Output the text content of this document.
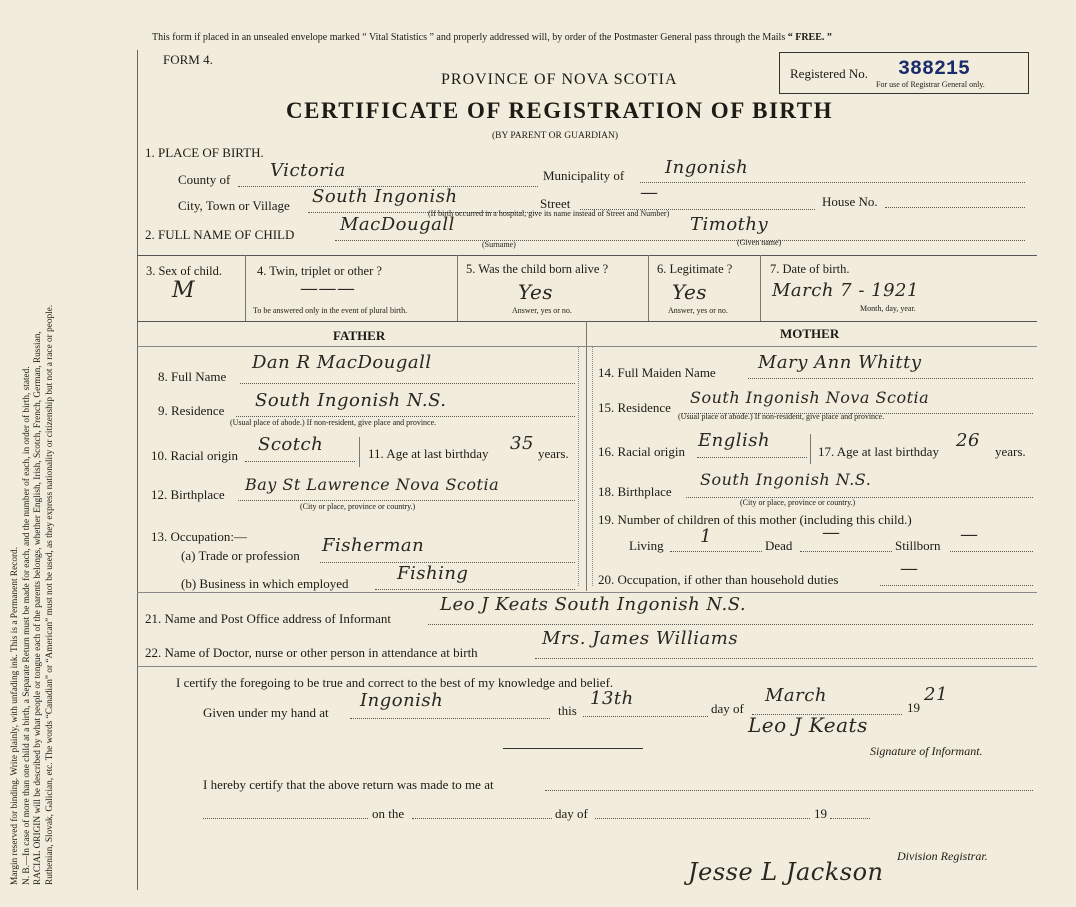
Margin reserved for binding. Write plainly, with unfading ink. This is a Permanent Record. N. B.—In case of more than one child at a birth, a Separate Return must be made for each, and the number of each, in order of birth, stated. RACIAL ORIGIN will be described by what people or tongue each of the parents belongs, whether English, Irish, Scotch, French, German, Russian, Ruthenian, Slovak, Galician, etc. The words “Canadian” or “American” must not be used, as they express nationality or citizenship but not a race or people.
This form if placed in an unsealed envelope marked “ Vital Statistics ” and properly addressed will, by order of the Postmaster General pass through the Mails “ FREE. ”
FORM 4.
Registered No. 388215
For use of Registrar General only.
PROVINCE OF NOVA SCOTIA
CERTIFICATE OF REGISTRATION OF BIRTH
(BY PARENT OR GUARDIAN)
1. PLACE OF BIRTH.
County of Victoria	Municipality of Ingonish
City, Town or Village South Ingonish	Street
—	House No.
(If birth occurred in a hospital, give its name instead of Street and Number)
2. FULL NAME OF CHILD	MacDougall	Timothy
(Surname)	(Given name)
3. Sex of child.
M
4. Twin, triplet or other ?
———
To be answered only in the event of plural birth.
5. Was the child born alive ?
Yes
Answer, yes or no.
6. Legitimate ?
Yes
Answer, yes or no.
7. Date of birth.
March 7 - 1921
Month, day, year.
FATHER	MOTHER
8. Full Name
Dan R MacDougall
9. Residence South Ingonish N.S.
(Usual place of abode.) If non-resident, give place and province.
10. Racial origin
Scotch	11. Age at last birthday 35 years.
12. Birthplace
Bay St Lawrence Nova Scotia
(City or place, province or country.)
13. Occupation:—
(a) Trade or profession Fisherman
(b) Business in which employed	Fishing
14. Full Maiden Name Mary Ann Whitty
15. Residence
South Ingonish Nova Scotia
(Usual place of abode.) If non-resident, give place and province.
16. Racial origin
English
17. Age at last birthday
26
years.
18. Birthplace
South Ingonish N.S.
(City or place, province or country.)
19. Number of children of this mother (including this child.)
Living 1	Dead
—
Stillborn
—
20. Occupation, if other than household duties
—
21. Name and Post Office address of Informant
Leo J Keats South Ingonish N.S.
22. Name of Doctor, nurse or other person in attendance at birth
Mrs. James Williams
I certify the foregoing to be true and correct to the best of my knowledge and belief.
Given under my hand at
Ingonish	this
13th	day of
March
19
21
Leo J Keats
Signature of Informant.
I hereby certify that the above return was made to me at
on the	day of	19
Division Registrar.
Jesse L Jackson
